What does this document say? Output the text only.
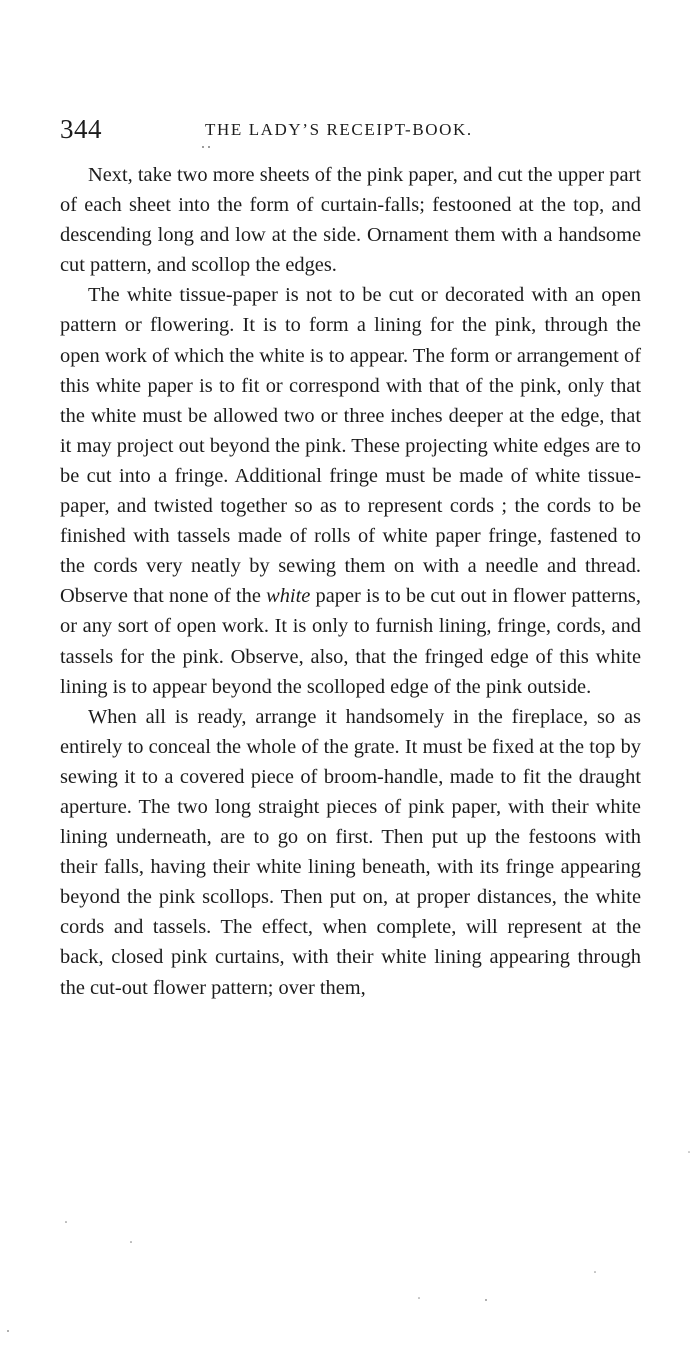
344	THE LADY’S RECEIPT-BOOK.

Next, take two more sheets of the pink paper, and cut the upper part of each sheet into the form of curtain-falls; festooned at the top, and descending long and low at the side. Ornament them with a handsome cut pattern, and scollop the edges.

The white tissue-paper is not to be cut or decorated with an open pattern or flowering. It is to form a lining for the pink, through the open work of which the white is to appear. The form or arrangement of this white paper is to fit or correspond with that of the pink, only that the white must be allowed two or three inches deeper at the edge, that it may project out beyond the pink. These projecting white edges are to be cut into a fringe. Additional fringe must be made of white tissue-paper, and twisted together so as to represent cords ; the cords to be finished with tassels made of rolls of white paper fringe, fastened to the cords very neatly by sewing them on with a needle and thread. Observe that none of the white paper is to be cut out in flower patterns, or any sort of open work. It is only to furnish lining, fringe, cords, and tassels for the pink. Observe, also, that the fringed edge of this white lining is to appear beyond the scolloped edge of the pink outside.

When all is ready, arrange it handsomely in the fireplace, so as entirely to conceal the whole of the grate. It must be fixed at the top by sewing it to a covered piece of broom-handle, made to fit the draught aperture. The two long straight pieces of pink paper, with their white lining underneath, are to go on first. Then put up the festoons with their falls, having their white lining beneath, with its fringe appearing beyond the pink scollops. Then put on, at proper distances, the white cords and tassels. The effect, when complete, will represent at the back, closed pink curtains, with their white lining appearing through the cut-out flower pattern; over them,
